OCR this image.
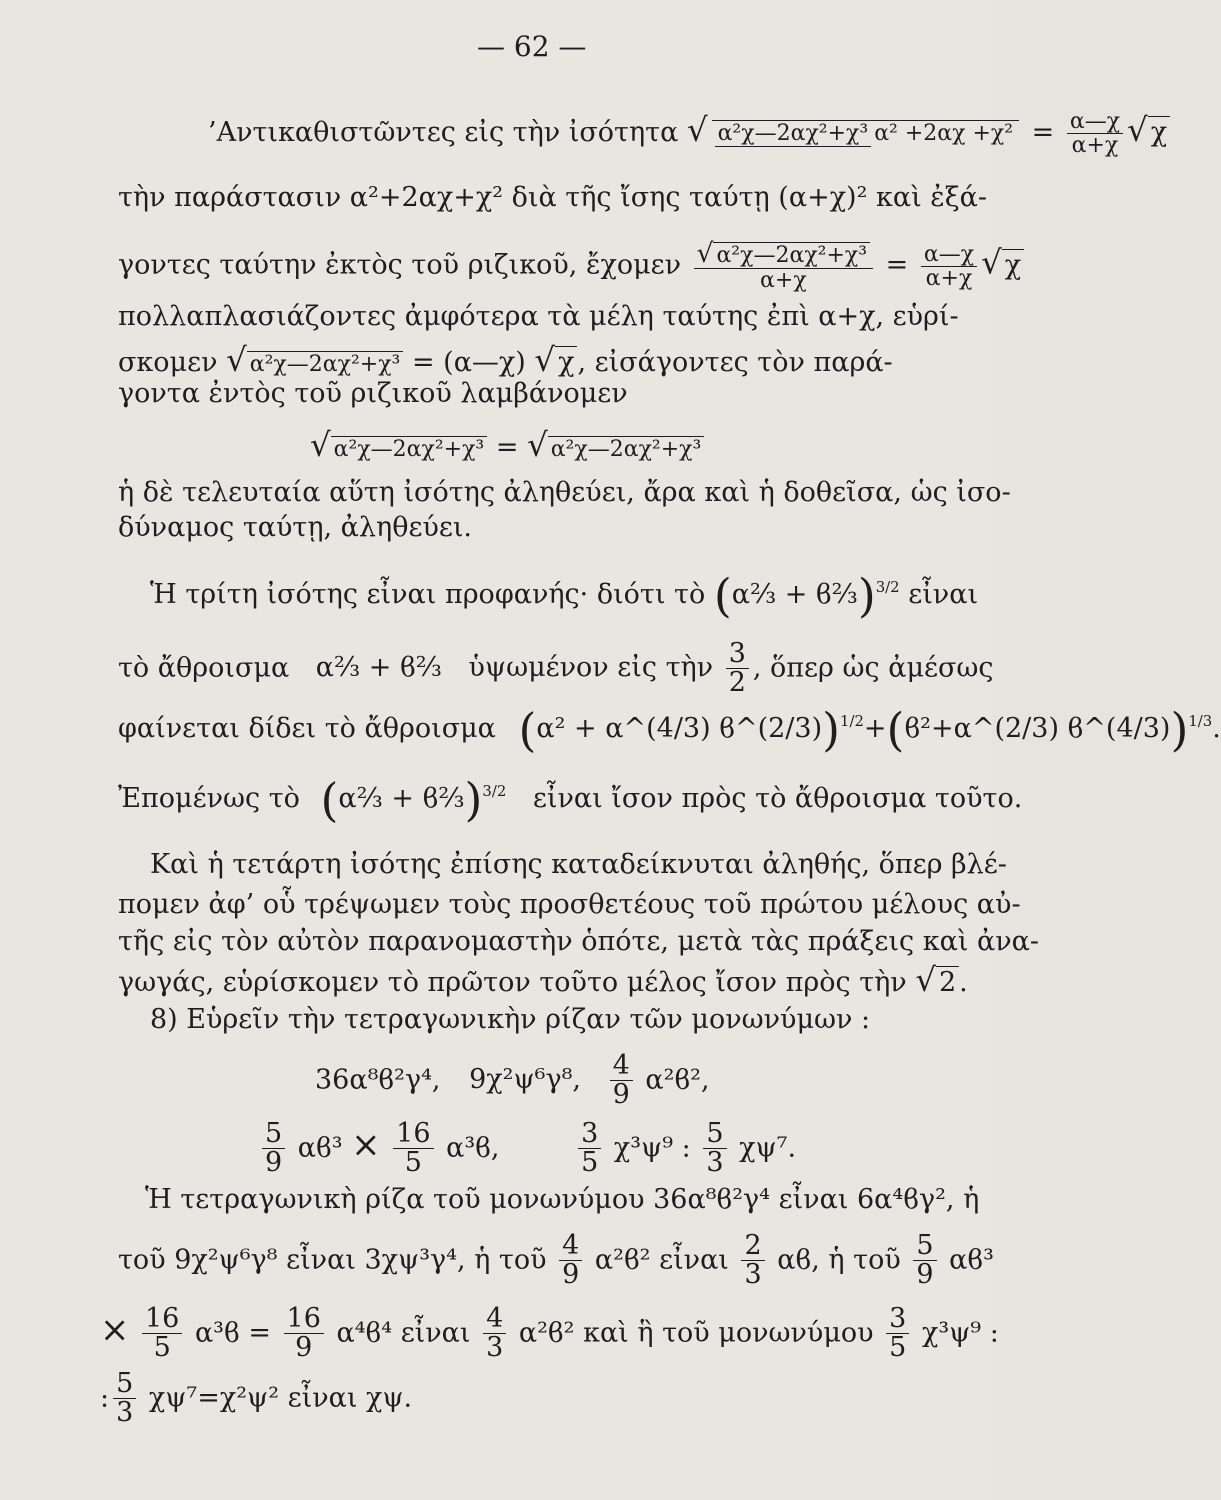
— 62 —
’Αντικαθιστῶντες εἰς τὴν ἰσότητα √ α²χ—2αχ²+χ³ $\alpha^2 +2\alpha\chi +\chi^2 = \frac{\alpha—\chi}{\alpha+\chi}$ √ χ
τὴν παράστασιν α²+2αχ+χ² διὰ τῆς ἴσης ταύτῃ (α+χ)² καὶ ἐξά-
γοντες ταύτην ἐκτὸς τοῦ ριζικοῦ, ἔχομεν $\frac{\text{√ α²χ—2αχ²+χ³}}{\alpha+\chi} = \frac{\alpha—\chi}{\alpha+\chi}$ √ χ
πολλαπλασιάζοντες ἀμφότερα τὰ μέλη ταύτης ἐπὶ α+χ, εὑρί-
σκομεν √ α²χ—2αχ²+χ³ = (α—χ) √ χ , εἰσάγοντες τὸν παρά-
γοντα ἐντὸς τοῦ ριζικοῦ λαμβάνομεν
√ α²χ—2αχ²+χ³ = √ α²χ—2αχ²+χ³
ἡ δὲ τελευταία αὕτη ἰσότης ἀληθεύει, ἄρα καὶ ἡ δοθεῖσα, ὡς ἰσο-
δύναμος ταύτῃ, ἀληθεύει.
Ἡ τρίτη ἰσότης εἶναι προφανής· διότι τὸ (α⅔ + ϐ⅔)$^{3/2}$ εἶναι
τὸ ἄθροισμα α⅔ + ϐ⅔ ὑψωμένον εἰς τὴν $\frac{3}{2}$ , ὅπερ ὡς ἀμέσως
φαίνεται δίδει τὸ ἄθροισμα (α² + α^(4/3) ϐ^(2/3))$^{1/2}$+(ϐ²+α^(2/3) ϐ^(4/3))$^{1/3}$.
Ἐπομένως τὸ (α⅔ + ϐ⅔)$^{3/2}$ εἶναι ἴσον πρὸς τὸ ἄθροισμα τοῦτο.
Καὶ ἡ τετάρτη ἰσότης ἐπίσης καταδείκνυται ἀληθής, ὅπερ βλέ-
πομεν ἀφ’ οὗ τρέψωμεν τοὺς προσθετέους τοῦ πρώτου μέλους αὐ-
τῆς εἰς τὸν αὐτὸν παρανομαστὴν ὁπότε, μετὰ τὰς πράξεις καὶ ἀνα-
γωγάς, εὑρίσκομεν τὸ πρῶτον τοῦτο μέλος ἴσον πρὸς τὴν √ 2 .
8) Εὑρεῖν τὴν τετραγωνικὴν ρίζαν τῶν μονωνύμων :
36α⁸ϐ²γ⁴, 9χ²ψ⁶γ⁸, $\frac{4}{9} \alpha^2ϐ^2$,
$\frac{5}{9} \alpha ϐ^3 \times \frac{16}{5} \alpha^3ϐ$,	$\frac{3}{5} \chi^3\psi^9$ : $\frac{5}{3} \chi\psi^7$.
Ἡ τετραγωνικὴ ρίζα τοῦ μονωνύμου 36α⁸ϐ²γ⁴ εἶναι 6α⁴ϐγ², ἡ
τοῦ 9χ²ψ⁶γ⁸ εἶναι 3χψ³γ⁴, ἡ τοῦ $\frac{4}{9} \alpha^2ϐ^2$ εἶναι $\frac{2}{3} \alpha ϐ$, ἡ τοῦ $\frac{5}{9} \alpha ϐ^3$
× $\frac{16}{5} \alpha^3ϐ = \frac{16}{9} \alpha^4ϐ^4$ εἶναι $\frac{4}{3} \alpha^2ϐ^2$ καὶ ἣ τοῦ μονωνύμου $\frac{3}{5} \chi^3\psi^9$ :
: $\frac{5}{3} \chi\psi^7=\chi^2\psi^2$ εἶναι χψ.
